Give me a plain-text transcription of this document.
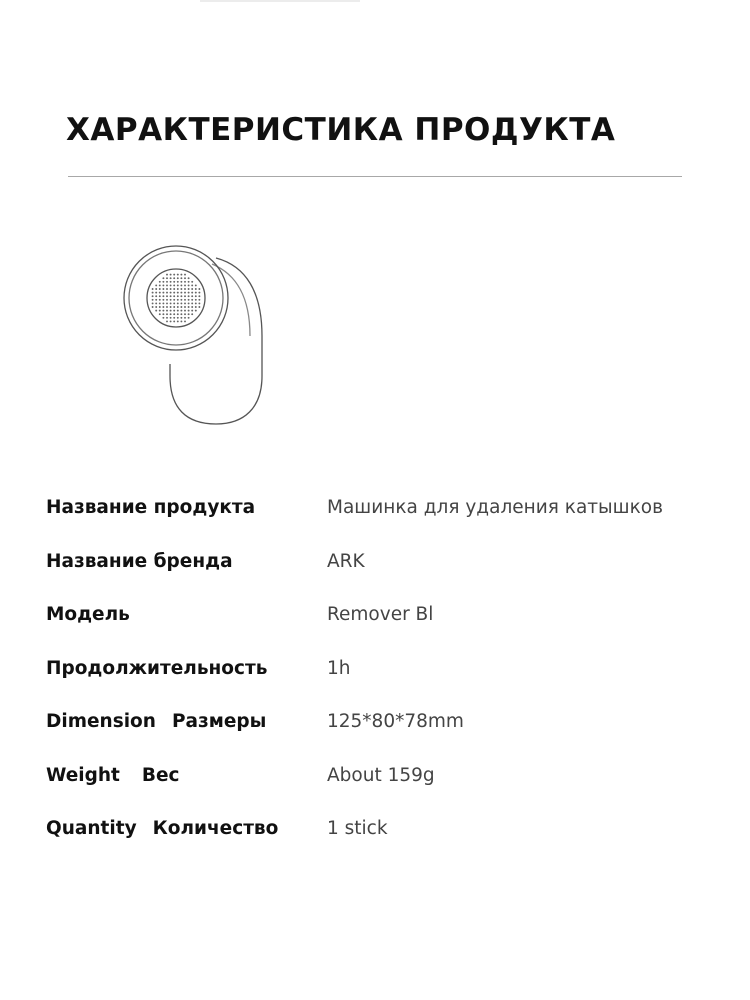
ХАРАКТЕРИСТИКА ПРОДУКТА
Название продукта	Машинка для удаления катышков
Название бренда	ARK
Модель	Remover Bl
Продолжительность	1h
Dimension Размеры	125*80*78mm
Weight Вес	About 159g
Quantity Количество	1 stick
